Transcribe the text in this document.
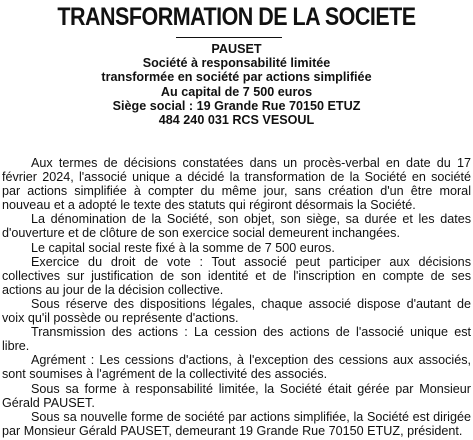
TRANSFORMATION DE LA SOCIETE
PAUSET
Société à responsabilité limitée
transformée en société par actions simplifiée
Au capital de 7 500 euros
Siège social : 19 Grande Rue 70150 ETUZ
484 240 031 RCS VESOUL

Aux termes de décisions constatées dans un procès-verbal en date du 17 février 2024, l'associé unique a décidé la transformation de la Société en société par actions simplifiée à compter du même jour, sans création d'un être moral nouveau et a adopté le texte des statuts qui régiront désormais la Société.

La dénomination de la Société, son objet, son siège, sa durée et les dates d'ouverture et de clôture de son exercice social demeurent inchangées.

Le capital social reste fixé à la somme de 7 500 euros.

Exercice du droit de vote : Tout associé peut participer aux décisions collectives sur justification de son identité et de l'inscription en compte de ses actions au jour de la décision collective.

Sous réserve des dispositions légales, chaque associé dispose d'autant de voix qu'il possède ou représente d'actions.

Transmission des actions : La cession des actions de l'associé unique est libre.

Agrément : Les cessions d'actions, à l'exception des cessions aux associés, sont soumises à l'agrément de la collectivité des associés.

Sous sa forme à responsabilité limitée, la Société était gérée par Monsieur Gérald PAUSET.

Sous sa nouvelle forme de société par actions simplifiée, la Société est dirigée par Monsieur Gérald PAUSET, demeurant 19 Grande Rue 70150 ETUZ, président.
